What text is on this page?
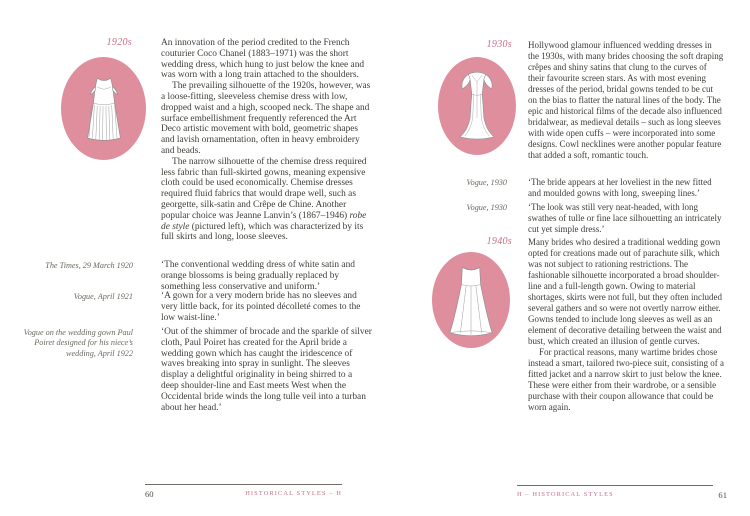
1920s	An innovation of the period credited to the French couturier Coco Chanel (1883–1971) was the short wedding dress, which hung to just below the knee and was worn with a long train attached to the shoulders.

The prevailing silhouette of the 1920s, however, was a loose-fitting, sleeveless chemise dress with low, dropped waist and a high, scooped neck. The shape and surface embellishment frequently referenced the Art Deco artistic movement with bold, geometric shapes and lavish ornamentation, often in heavy embroidery and beads.

The narrow silhouette of the chemise dress required less fabric than full-skirted gowns, meaning expensive cloth could be used economically. Chemise dresses required fluid fabrics that would drape well, such as georgette, silk-satin and Crêpe de Chine. Another popular choice was Jeanne Lanvin’s (1867–1946) robe de style (pictured left), which was characterized by its full skirts and long, loose sleeves.

The Times, 29 March 1920	‘The conventional wedding dress of white satin and orange blossoms is being gradually replaced by something less conservative and uniform.’
Vogue, April 1921	‘A gown for a very modern bride has no sleeves and very little back, for its pointed décolleté comes to the low waist-line.’
Vogue on the wedding gown Paul Poiret designed for his niece’s wedding, April 1922
‘Out of the shimmer of brocade and the sparkle of silver cloth, Paul Poiret has created for the April bride a wedding gown which has caught the iridescence of waves breaking into spray in sunlight. The sleeves display a delightful originality in being shirred to a deep shoulder-line and East meets West when the Occidental bride winds the long tulle veil into a turban about her head.’
60	HISTORICAL STYLES – H
1930s Hollywood glamour influenced wedding dresses in the 1930s, with many brides choosing the soft draping crêpes and shiny satins that clung to the curves of their favourite screen stars. As with most evening dresses of the period, bridal gowns tended to be cut on the bias to flatter the natural lines of the body. The epic and historical films of the decade also influenced bridalwear, as medieval details – such as long sleeves with wide open cuffs – were incorporated into some designs. Cowl necklines were another popular feature that added a soft, romantic touch.

Vogue, 1930 ‘The bride appears at her loveliest in the new fitted and moulded gowns with long, sweeping lines.’
Vogue, 1930 ‘The look was still very neat-headed, with long swathes of tulle or fine lace silhouetting an intricately cut yet simple dress.’
1940s Many brides who desired a traditional wedding gown opted for creations made out of parachute silk, which was not subject to rationing restrictions. The fashionable silhouette incorporated a broad shoulder-line and a full-length gown. Owing to material shortages, skirts were not full, but they often included several gathers and so were not overtly narrow either. Gowns tended to include long sleeves as well as an element of decorative detailing between the waist and bust, which created an illusion of gentle curves.

For practical reasons, many wartime brides chose instead a smart, tailored two-piece suit, consisting of a fitted jacket and a narrow skirt to just below the knee. These were either from their wardrobe, or a sensible purchase with their coupon allowance that could be worn again.

H – HISTORICAL STYLES	61
